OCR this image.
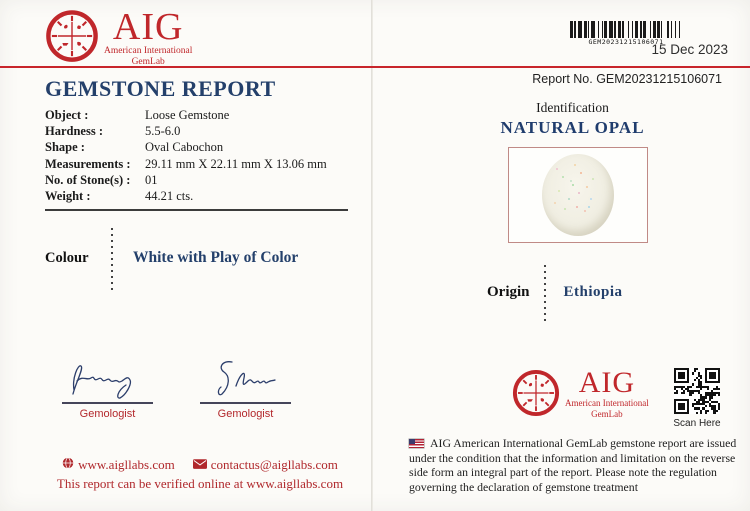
AIG
American International
GemLab
GEM20231215106071
15 Dec 2023
Report No. GEM20231215106071
GEMSTONE REPORT
Object :	Loose Gemstone
Hardness :	5.5-6.0
Shape :	Oval Cabochon
Measurements :	29.11 mm X 22.11 mm X 13.06 mm
No. of Stone(s) :	01
Weight :	44.21 cts.
Colour	White with Play of Color
Gemologist	Gemologist
www.aigllabs.com	contactus@aigllabs.com
This report can be verified online at www.aigllabs.com
Identification
NATURAL OPAL
Origin Ethiopia
AIG
American International
GemLab
Scan Here
AIG American International GemLab gemstone report are issued under the condition that the information and limitation on the reverse side form an integral part of the report. Please note the regulation governing the declaration of gemstone treatment
